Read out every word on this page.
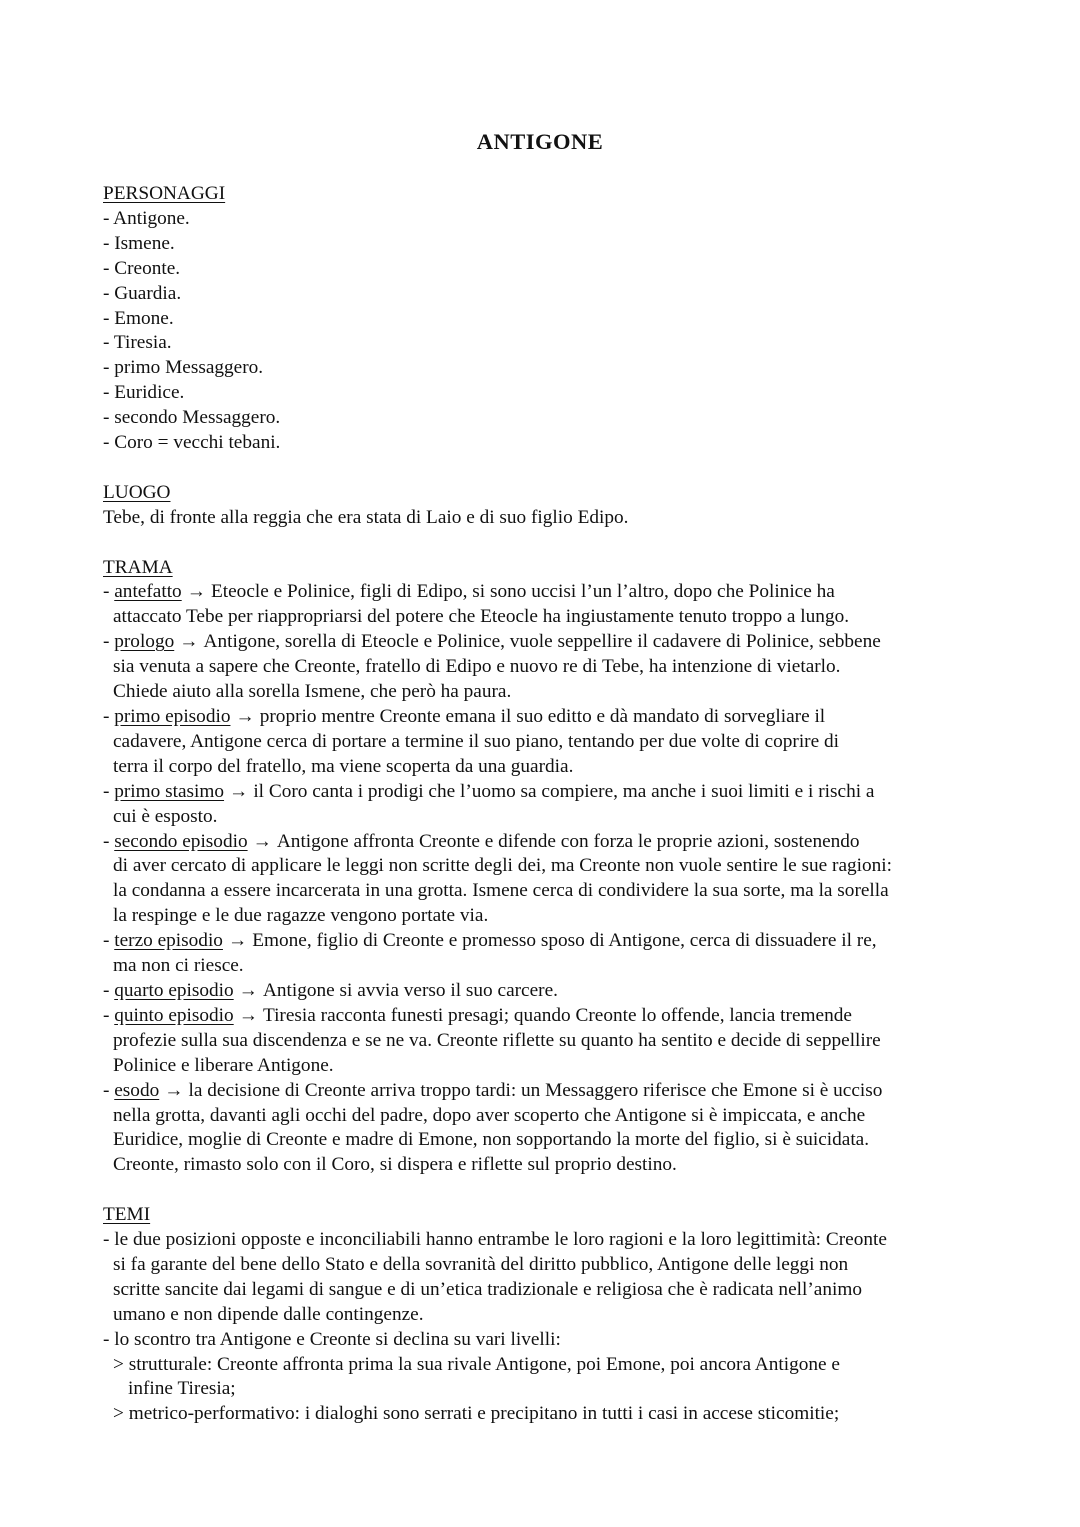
ANTIGONE
PERSONAGGI
- Antigone.
- Ismene.
- Creonte.
- Guardia.
- Emone.
- Tiresia.
- primo Messaggero.
- Euridice.
- secondo Messaggero.
- Coro = vecchi tebani.
LUOGO
Tebe, di fronte alla reggia che era stata di Laio e di suo figlio Edipo.
TRAMA
- antefatto → Eteocle e Polinice, figli di Edipo, si sono uccisi l’un l’altro, dopo che Polinice ha
attaccato Tebe per riappropriarsi del potere che Eteocle ha ingiustamente tenuto troppo a lungo.
- prologo → Antigone, sorella di Eteocle e Polinice, vuole seppellire il cadavere di Polinice, sebbene
sia venuta a sapere che Creonte, fratello di Edipo e nuovo re di Tebe, ha intenzione di vietarlo.
Chiede aiuto alla sorella Ismene, che però ha paura.
- primo episodio → proprio mentre Creonte emana il suo editto e dà mandato di sorvegliare il
cadavere, Antigone cerca di portare a termine il suo piano, tentando per due volte di coprire di
terra il corpo del fratello, ma viene scoperta da una guardia.
- primo stasimo → il Coro canta i prodigi che l’uomo sa compiere, ma anche i suoi limiti e i rischi a
cui è esposto.
- secondo episodio → Antigone affronta Creonte e difende con forza le proprie azioni, sostenendo
di aver cercato di applicare le leggi non scritte degli dei, ma Creonte non vuole sentire le sue ragioni:
la condanna a essere incarcerata in una grotta. Ismene cerca di condividere la sua sorte, ma la sorella
la respinge e le due ragazze vengono portate via.
- terzo episodio → Emone, figlio di Creonte e promesso sposo di Antigone, cerca di dissuadere il re,
ma non ci riesce.
- quarto episodio → Antigone si avvia verso il suo carcere.
- quinto episodio → Tiresia racconta funesti presagi; quando Creonte lo offende, lancia tremende
profezie sulla sua discendenza e se ne va. Creonte riflette su quanto ha sentito e decide di seppellire
Polinice e liberare Antigone.
- esodo → la decisione di Creonte arriva troppo tardi: un Messaggero riferisce che Emone si è ucciso
nella grotta, davanti agli occhi del padre, dopo aver scoperto che Antigone si è impiccata, e anche
Euridice, moglie di Creonte e madre di Emone, non sopportando la morte del figlio, si è suicidata.
Creonte, rimasto solo con il Coro, si dispera e riflette sul proprio destino.
TEMI
- le due posizioni opposte e inconciliabili hanno entrambe le loro ragioni e la loro legittimità: Creonte
si fa garante del bene dello Stato e della sovranità del diritto pubblico, Antigone delle leggi non
scritte sancite dai legami di sangue e di un’etica tradizionale e religiosa che è radicata nell’animo
umano e non dipende dalle contingenze.
- lo scontro tra Antigone e Creonte si declina su vari livelli:
> strutturale: Creonte affronta prima la sua rivale Antigone, poi Emone, poi ancora Antigone e
infine Tiresia;
> metrico-performativo: i dialoghi sono serrati e precipitano in tutti i casi in accese sticomitie;
